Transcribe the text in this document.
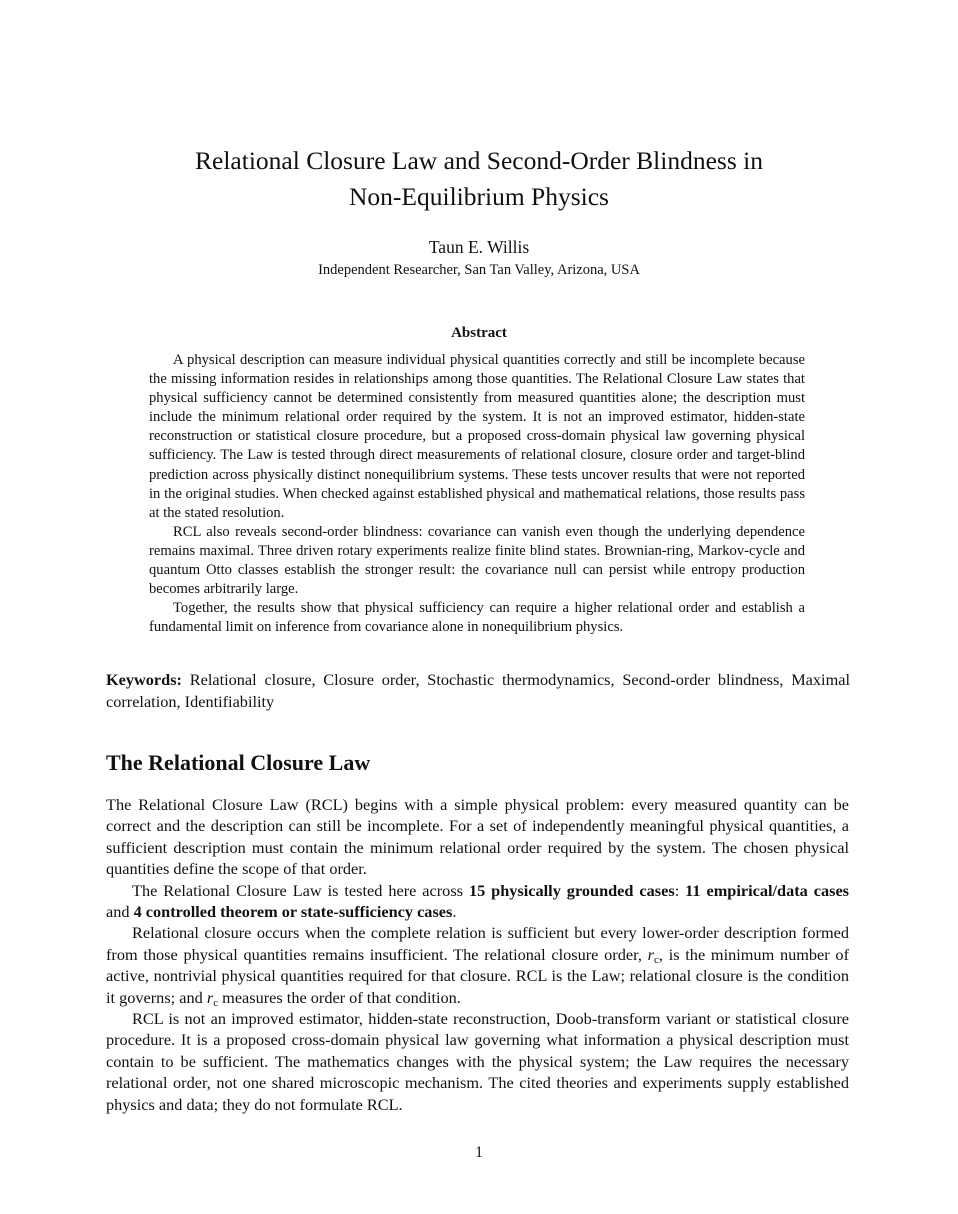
Relational Closure Law and Second-Order Blindness in
Non-Equilibrium Physics
Taun E. Willis
Independent Researcher, San Tan Valley, Arizona, USA
Abstract

A physical description can measure individual physical quantities correctly and still be incomplete because the missing information resides in relationships among those quantities. The Relational Closure Law states that physical sufficiency cannot be determined consistently from measured quantities alone; the description must include the minimum relational order required by the system. It is not an improved estimator, hidden-state reconstruction or statistical closure procedure, but a proposed cross-domain physical law governing physical sufficiency. The Law is tested through direct measurements of relational closure, closure order and target-blind prediction across physically distinct nonequilibrium systems. These tests uncover results that were not reported in the original studies. When checked against established physical and mathematical relations, those results pass at the stated resolution.

RCL also reveals second-order blindness: covariance can vanish even though the underlying dependence remains maximal. Three driven rotary experiments realize finite blind states. Brownian-ring, Markov-cycle and quantum Otto classes establish the stronger result: the covariance null can persist while entropy production becomes arbitrarily large.

Together, the results show that physical sufficiency can require a higher relational order and establish a fundamental limit on inference from covariance alone in nonequilibrium physics.

Keywords: Relational closure, Closure order, Stochastic thermodynamics, Second-order blindness, Maximal correlation, Identifiability
The Relational Closure Law

The Relational Closure Law (RCL) begins with a simple physical problem: every measured quantity can be correct and the description can still be incomplete. For a set of independently meaningful physical quantities, a sufficient description must contain the minimum relational order required by the system. The chosen physical quantities define the scope of that order.

The Relational Closure Law is tested here across 15 physically grounded cases: 11 empirical/data cases and 4 controlled theorem or state-sufficiency cases.

Relational closure occurs when the complete relation is sufficient but every lower-order description formed from those physical quantities remains insufficient. The relational closure order, $r_c$, is the minimum number of active, nontrivial physical quantities required for that closure. RCL is the Law; relational closure is the condition it governs; and $r_c$ measures the order of that condition.

RCL is not an improved estimator, hidden-state reconstruction, Doob-transform variant or statistical closure procedure. It is a proposed cross-domain physical law governing what information a physical description must contain to be sufficient. The mathematics changes with the physical system; the Law requires the necessary relational order, not one shared microscopic mechanism. The cited theories and experiments supply established physics and data; they do not formulate RCL.

1
